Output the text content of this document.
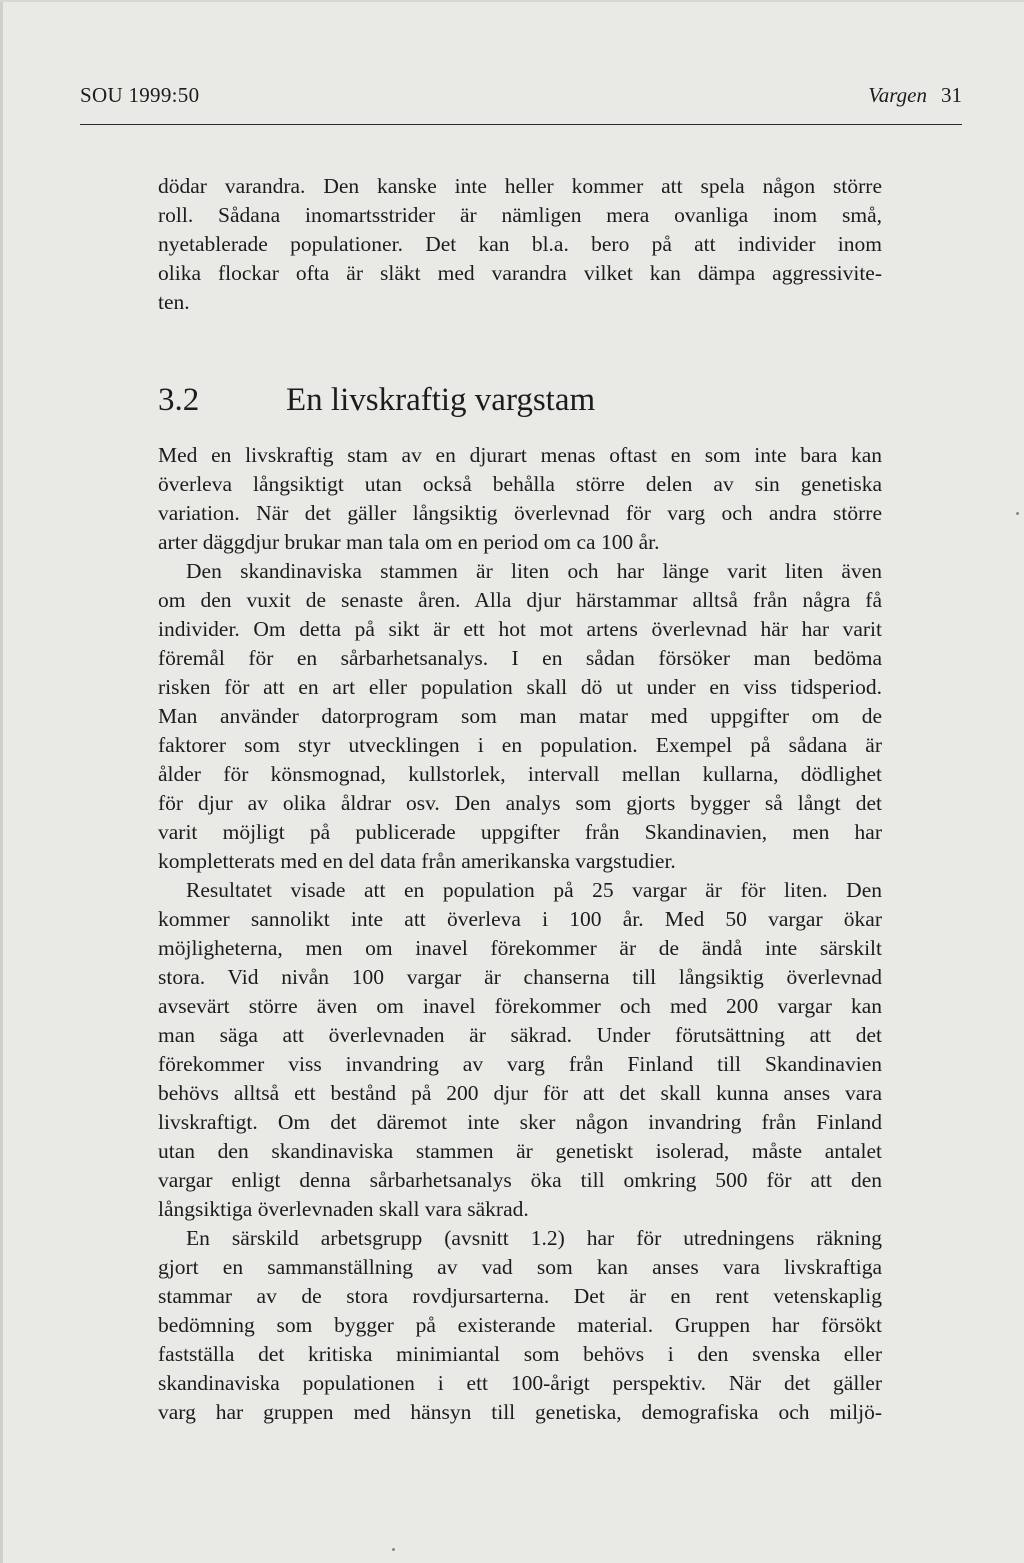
SOU 1999:50	Vargen 31
dödar varandra. Den kanske inte heller kommer att spela någon större
roll. Sådana inomartsstrider är nämligen mera ovanliga inom små,
nyetablerade populationer. Det kan bl.a. bero på att individer inom
olika flockar ofta är släkt med varandra vilket kan dämpa aggressivite-
ten.
3.2	En livskraftig vargstam
Med en livskraftig stam av en djurart menas oftast en som inte bara kan
överleva långsiktigt utan också behålla större delen av sin genetiska
variation. När det gäller långsiktig överlevnad för varg och andra större
arter däggdjur brukar man tala om en period om ca 100 år.
Den skandinaviska stammen är liten och har länge varit liten även
om den vuxit de senaste åren. Alla djur härstammar alltså från några få
individer. Om detta på sikt är ett hot mot artens överlevnad här har varit
föremål för en sårbarhetsanalys. I en sådan försöker man bedöma
risken för att en art eller population skall dö ut under en viss tidsperiod.
Man använder datorprogram som man matar med uppgifter om de
faktorer som styr utvecklingen i en population. Exempel på sådana är
ålder för könsmognad, kullstorlek, intervall mellan kullarna, dödlighet
för djur av olika åldrar osv. Den analys som gjorts bygger så långt det
varit möjligt på publicerade uppgifter från Skandinavien, men har
kompletterats med en del data från amerikanska vargstudier.
Resultatet visade att en population på 25 vargar är för liten. Den
kommer sannolikt inte att överleva i 100 år. Med 50 vargar ökar
möjligheterna, men om inavel förekommer är de ändå inte särskilt
stora. Vid nivån 100 vargar är chanserna till långsiktig överlevnad
avsevärt större även om inavel förekommer och med 200 vargar kan
man säga att överlevnaden är säkrad. Under förutsättning att det
förekommer viss invandring av varg från Finland till Skandinavien
behövs alltså ett bestånd på 200 djur för att det skall kunna anses vara
livskraftigt. Om det däremot inte sker någon invandring från Finland
utan den skandinaviska stammen är genetiskt isolerad, måste antalet
vargar enligt denna sårbarhetsanalys öka till omkring 500 för att den
långsiktiga överlevnaden skall vara säkrad.
En särskild arbetsgrupp (avsnitt 1.2) har för utredningens räkning
gjort en sammanställning av vad som kan anses vara livskraftiga
stammar av de stora rovdjursarterna. Det är en rent vetenskaplig
bedömning som bygger på existerande material. Gruppen har försökt
fastställa det kritiska minimiantal som behövs i den svenska eller
skandinaviska populationen i ett 100-årigt perspektiv. När det gäller
varg har gruppen med hänsyn till genetiska, demografiska och miljö-
